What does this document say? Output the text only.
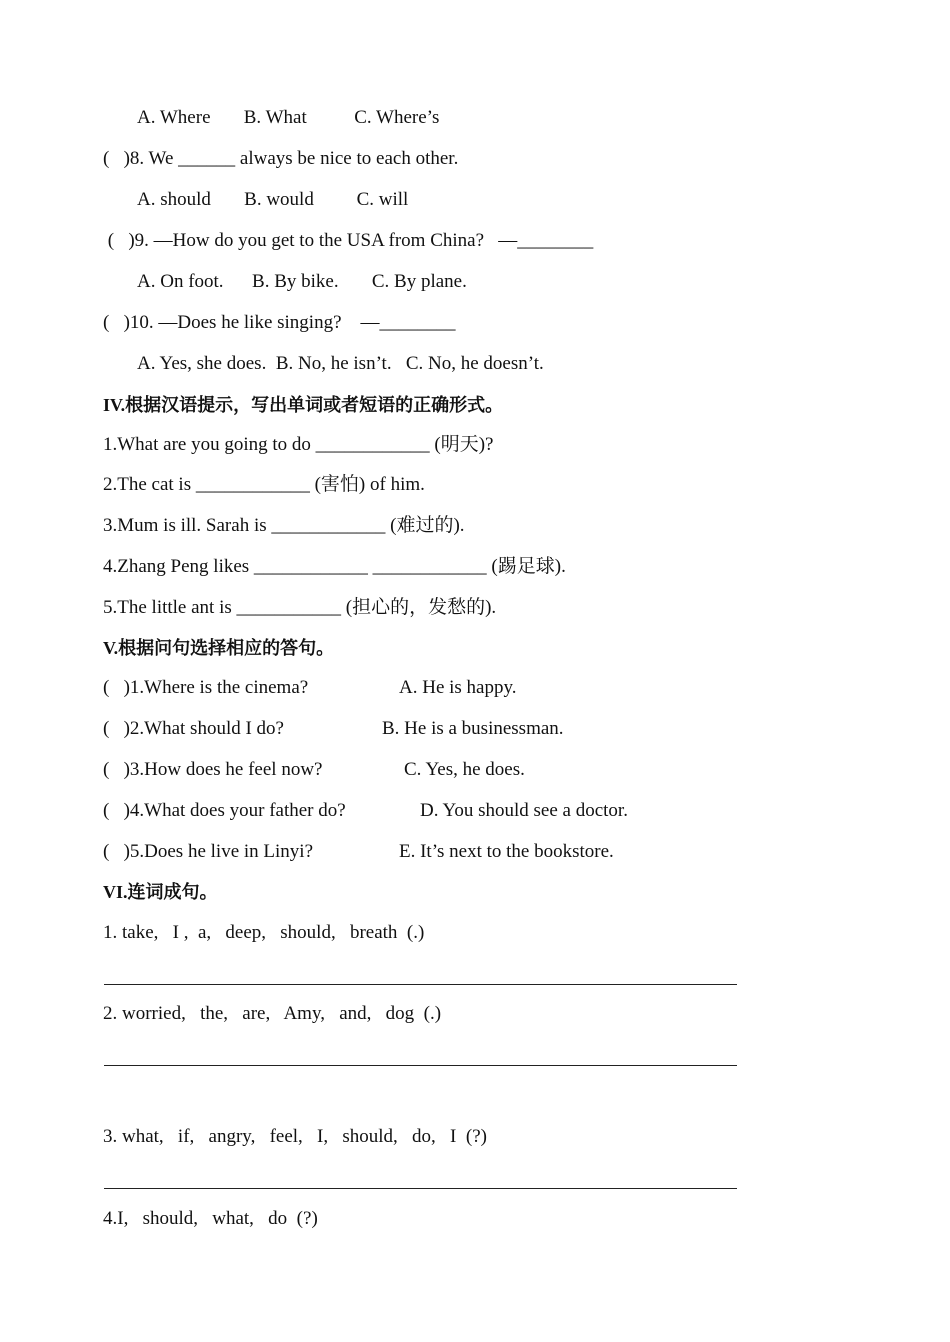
A. Where       B. What          C. Where’s
(   )8. We ______ always be nice to each other.
A. should       B. would         C. will
(   )9. —How do you get to the USA from China?   —________
A. On foot.      B. By bike.       C. By plane.
(   )10. —Does he like singing?    —________
A. Yes, she does.  B. No, he isn’t.   C. No, he doesn’t.
IV.根据汉语提示，写出单词或者短语的正确形式。
1.What are you going to do ____________ (明天)?
2.The cat is ____________ (害怕) of him.
3.Mum is ill. Sarah is ____________ (难过的).
4.Zhang Peng likes ____________ ____________ (踢足球).
5.The little ant is ___________ (担心的，发愁的).
V.根据问句选择相应的答句。
(   )1.Where is the cinema?	A. He is happy.
(   )2.What should I do?	B. He is a businessman.
(   )3.How does he feel now?	C. Yes, he does.
(   )4.What does your father do?	D. You should see a doctor.
(   )5.Does he live in Linyi?	E. It’s next to the bookstore.
VI.连词成句。
1. take,   I ,  a,   deep,   should,   breath  (.)
2. worried,   the,   are,   Amy,   and,   dog  (.)
3. what,   if,   angry,   feel,   I,   should,   do,   I  (?)
4.I,   should,   what,   do  (?)
